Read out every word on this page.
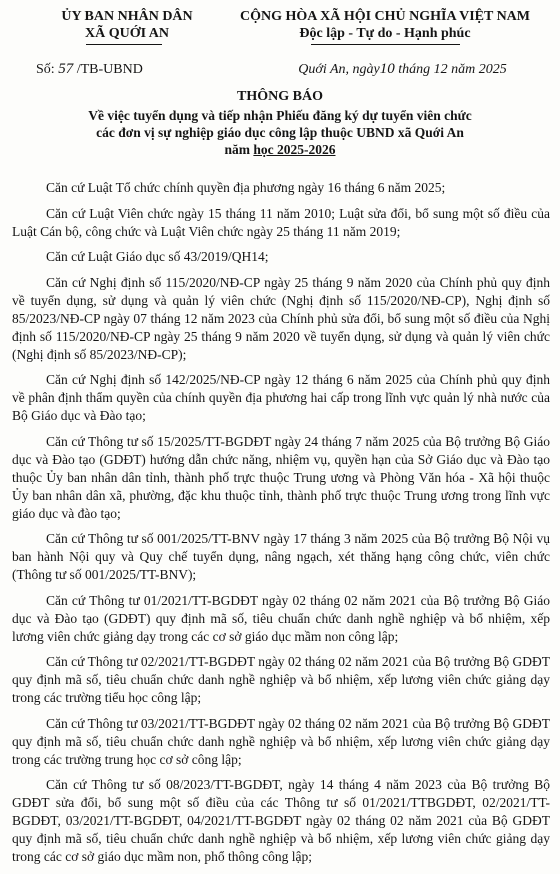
ỦY BAN NHÂN DÂN
XÃ QUỚI AN
CỘNG HÒA XÃ HỘI CHỦ NGHĨA VIỆT NAM
Độc lập - Tự do - Hạnh phúc
Số: 57 /TB-UBND	Quới An, ngày10 tháng 12 năm 2025
THÔNG BÁO
Về việc tuyển dụng và tiếp nhận Phiếu đăng ký dự tuyển viên chức
các đơn vị sự nghiệp giáo dục công lập thuộc UBND xã Quới An
năm học 2025-2026

Căn cứ Luật Tổ chức chính quyền địa phương ngày 16 tháng 6 năm 2025;

Căn cứ Luật Viên chức ngày 15 tháng 11 năm 2010; Luật sửa đổi, bổ sung một số điều của Luật Cán bộ, công chức và Luật Viên chức ngày 25 tháng 11 năm 2019;

Căn cứ Luật Giáo dục số 43/2019/QH14;

Căn cứ Nghị định số 115/2020/NĐ-CP ngày 25 tháng 9 năm 2020 của Chính phủ quy định về tuyển dụng, sử dụng và quản lý viên chức (Nghị định số 115/2020/NĐ-CP), Nghị định số 85/2023/NĐ-CP ngày 07 tháng 12 năm 2023 của Chính phủ sửa đổi, bổ sung một số điều của Nghị định số 115/2020/NĐ-CP ngày 25 tháng 9 năm 2020 về tuyển dụng, sử dụng và quản lý viên chức (Nghị định số 85/2023/NĐ-CP);

Căn cứ Nghị định số 142/2025/NĐ-CP ngày 12 tháng 6 năm 2025 của Chính phủ quy định về phân định thẩm quyền của chính quyền địa phương hai cấp trong lĩnh vực quản lý nhà nước của Bộ Giáo dục và Đào tạo;

Căn cứ Thông tư số 15/2025/TT-BGDĐT ngày 24 tháng 7 năm 2025 của Bộ trưởng Bộ Giáo dục và Đào tạo (GDĐT) hướng dẫn chức năng, nhiệm vụ, quyền hạn của Sở Giáo dục và Đào tạo thuộc Ủy ban nhân dân tỉnh, thành phố trực thuộc Trung ương và Phòng Văn hóa - Xã hội thuộc Ủy ban nhân dân xã, phường, đặc khu thuộc tỉnh, thành phố trực thuộc Trung ương trong lĩnh vực giáo dục và đào tạo;

Căn cứ Thông tư số 001/2025/TT-BNV ngày 17 tháng 3 năm 2025 của Bộ trưởng Bộ Nội vụ ban hành Nội quy và Quy chế tuyển dụng, nâng ngạch, xét thăng hạng công chức, viên chức (Thông tư số 001/2025/TT-BNV);

Căn cứ Thông tư 01/2021/TT-BGDĐT ngày 02 tháng 02 năm 2021 của Bộ trưởng Bộ Giáo dục và Đào tạo (GDĐT) quy định mã số, tiêu chuẩn chức danh nghề nghiệp và bổ nhiệm, xếp lương viên chức giảng dạy trong các cơ sở giáo dục mầm non công lập;

Căn cứ Thông tư 02/2021/TT-BGDĐT ngày 02 tháng 02 năm 2021 của Bộ trưởng Bộ GDĐT quy định mã số, tiêu chuẩn chức danh nghề nghiệp và bổ nhiệm, xếp lương viên chức giảng dạy trong các trường tiểu học công lập;

Căn cứ Thông tư 03/2021/TT-BGDĐT ngày 02 tháng 02 năm 2021 của Bộ trưởng Bộ GDĐT quy định mã số, tiêu chuẩn chức danh nghề nghiệp và bổ nhiệm, xếp lương viên chức giảng dạy trong các trường trung học cơ sở công lập;

Căn cứ Thông tư số 08/2023/TT-BGDĐT, ngày 14 tháng 4 năm 2023 của Bộ trưởng Bộ GDĐT sửa đổi, bổ sung một số điều của các Thông tư số 01/2021/TTBGDĐT, 02/2021/TT-BGDĐT, 03/2021/TT-BGDĐT, 04/2021/TT-BGDĐT ngày 02 tháng 02 năm 2021 của Bộ GDĐT quy định mã số, tiêu chuẩn chức danh nghề nghiệp và bổ nhiệm, xếp lương viên chức giảng dạy trong các cơ sở giáo dục mầm non, phổ thông công lập;
